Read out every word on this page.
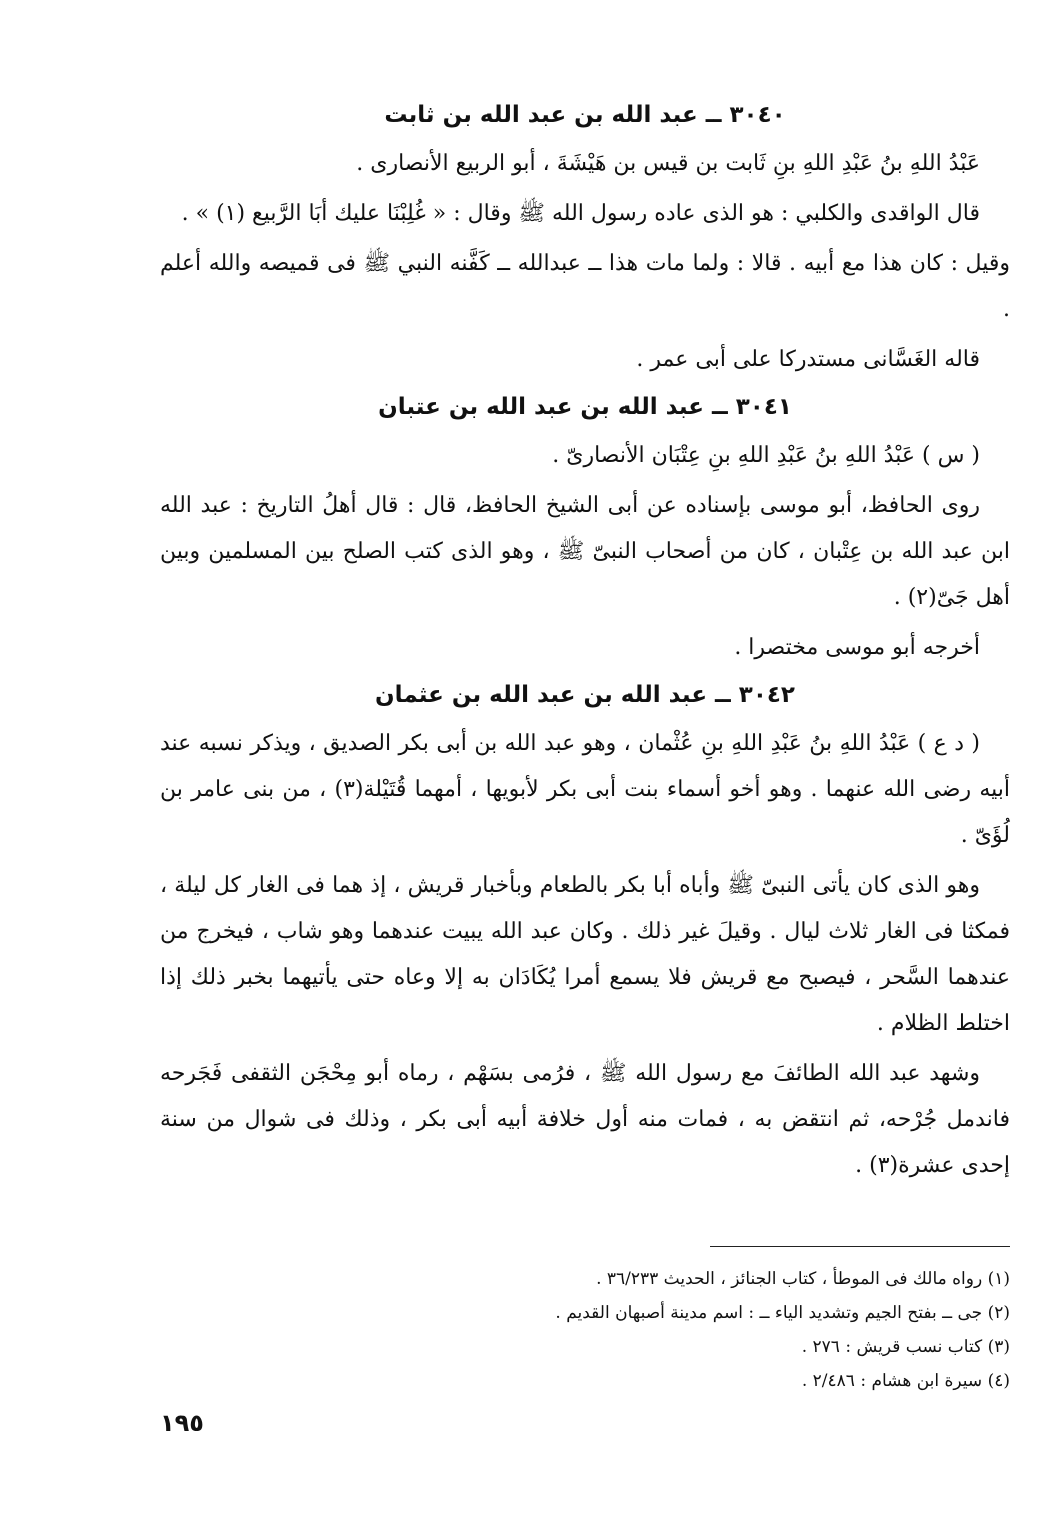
٣٠٤٠ ــ عبد الله بن عبد الله بن ثابت

عَبْدُ اللهِ بنُ عَبْدِ اللهِ بنِ ثَابت بن قيس بن هَيْشَةَ ، أبو الربيع الأنصارى .

قال الواقدى والكلبي : هو الذى عاده رسول الله ﷺ وقال : « غُلِبْنَا عليك أبَا الرَّبيع (١) » .

وقيل : كان هذا مع أبيه . قالا : ولما مات هذا ــ عبدالله ــ كَفَّنه النبي ﷺ فى قميصه والله أعلم .

قاله الغَسَّانى مستدركا على أبى عمر .

٣٠٤١ ــ عبد الله بن عبد الله بن عتبان

( س ) عَبْدُ اللهِ بنُ عَبْدِ اللهِ بنِ عِتْبَان الأنصارىّ .

روى الحافظ، أبو موسى بإسناده عن أبى الشيخ الحافظ، قال : قال أهلُ التاريخ : عبد الله ابن عبد الله بن عِتْبان ، كان من أصحاب النبىّ ﷺ ، وهو الذى كتب الصلح بين المسلمين وبين أهل جَىّ(٢) .

أخرجه أبو موسى مختصرا .

٣٠٤٢ ــ عبد الله بن عبد الله بن عثمان

( د ع ) عَبْدُ اللهِ بنُ عَبْدِ اللهِ بنِ عُثْمان ، وهو عبد الله بن أبى بكر الصديق ، ويذكر نسبه عند أبيه رضى الله عنهما . وهو أخو أسماء بنت أبى بكر لأبويها ، أمهما قُتَيْلة(٣) ، من بنى عامر بن لُؤَىّ .

وهو الذى كان يأتى النبىّ ﷺ وأباه أبا بكر بالطعام وبأخبار قريش ، إذ هما فى الغار كل ليلة ، فمكثا فى الغار ثلاث ليال . وقيلَ غير ذلك . وكان عبد الله يبيت عندهما وهو شاب ، فيخرج من عندهما السَّحر ، فيصبح مع قريش فلا يسمع أمرا يُكَادَان به إلا وعاه حتى يأتيهما بخبر ذلك إذا اختلط الظلام .

وشهد عبد الله الطائفَ مع رسول الله ﷺ ، فرُمى بسَهْم ، رماه أبو مِحْجَن الثقفى فَجَرحه فاندمل جُرْحه، ثم انتقض به ، فمات منه أول خلافة أبيه أبى بكر ، وذلك فى شوال من سنة إحدى عشرة(٣) .

(١) رواه مالك فى الموطأ ، كتاب الجنائز ، الحديث ٣٦/٢٣٣ .
(٢) جى ــ بفتح الجيم وتشديد الياء ــ : اسم مدينة أصبهان القديم .
(٣) كتاب نسب قريش : ٢٧٦ .
(٤) سيرة ابن هشام : ٢/٤٨٦ .
١٩٥
